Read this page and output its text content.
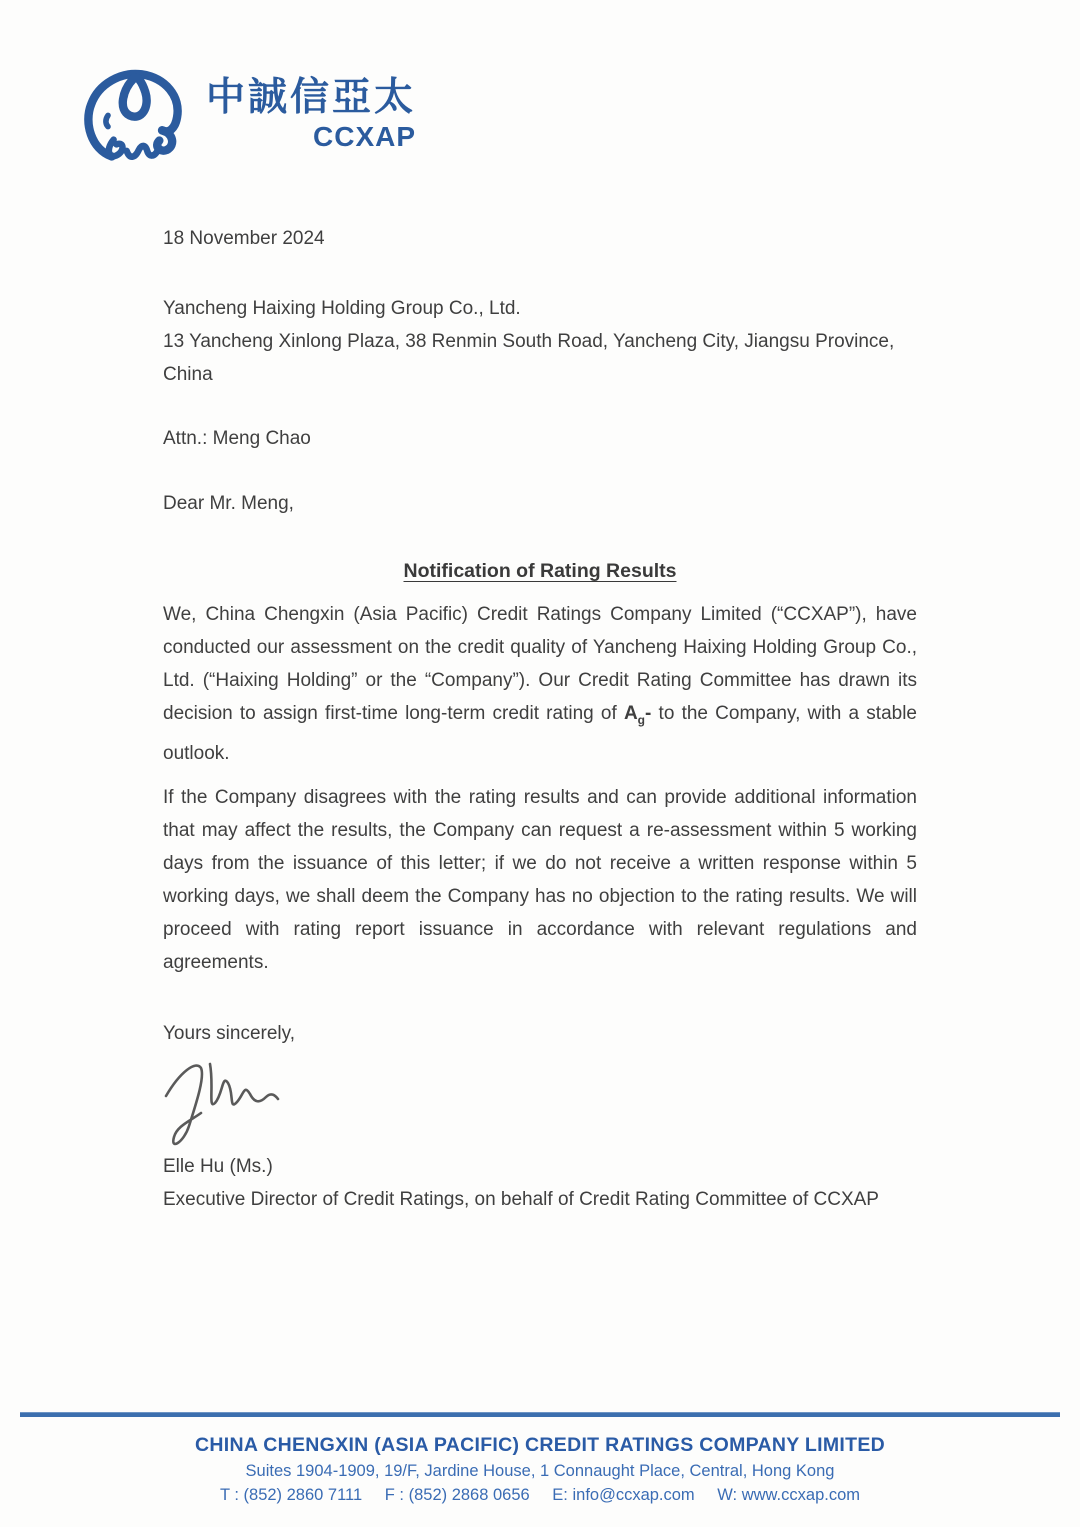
中誠信亞太
CCXAP

18 November 2024

Yancheng Haixing Holding Group Co., Ltd.

13 Yancheng Xinlong Plaza, 38 Renmin South Road, Yancheng City, Jiangsu Province,

China

Attn.: Meng Chao

Dear Mr. Meng,

Notification of Rating Results

We, China Chengxin (Asia Pacific) Credit Ratings Company Limited (“CCXAP”), have conducted our assessment on the credit quality of Yancheng Haixing Holding Group Co., Ltd. (“Haixing Holding” or the “Company”). Our Credit Rating Committee has drawn its decision to assign first-time long-term credit rating of $A_g-$ to the Company, with a stable outlook.

If the Company disagrees with the rating results and can provide additional information that may affect the results, the Company can request a re-assessment within 5 working days from the issuance of this letter; if we do not receive a written response within 5 working days, we shall deem the Company has no objection to the rating results. We will proceed with rating report issuance in accordance with relevant regulations and agreements.

Yours sincerely,

Elle Hu (Ms.)

Executive Director of Credit Ratings, on behalf of Credit Rating Committee of CCXAP

CHINA CHENGXIN (ASIA PACIFIC) CREDIT RATINGS COMPANY LIMITED
Suites 1904-1909, 19/F, Jardine House, 1 Connaught Place, Central, Hong Kong
T : (852) 2860 7111 F : (852) 2868 0656 E: info@ccxap.com W: www.ccxap.com
